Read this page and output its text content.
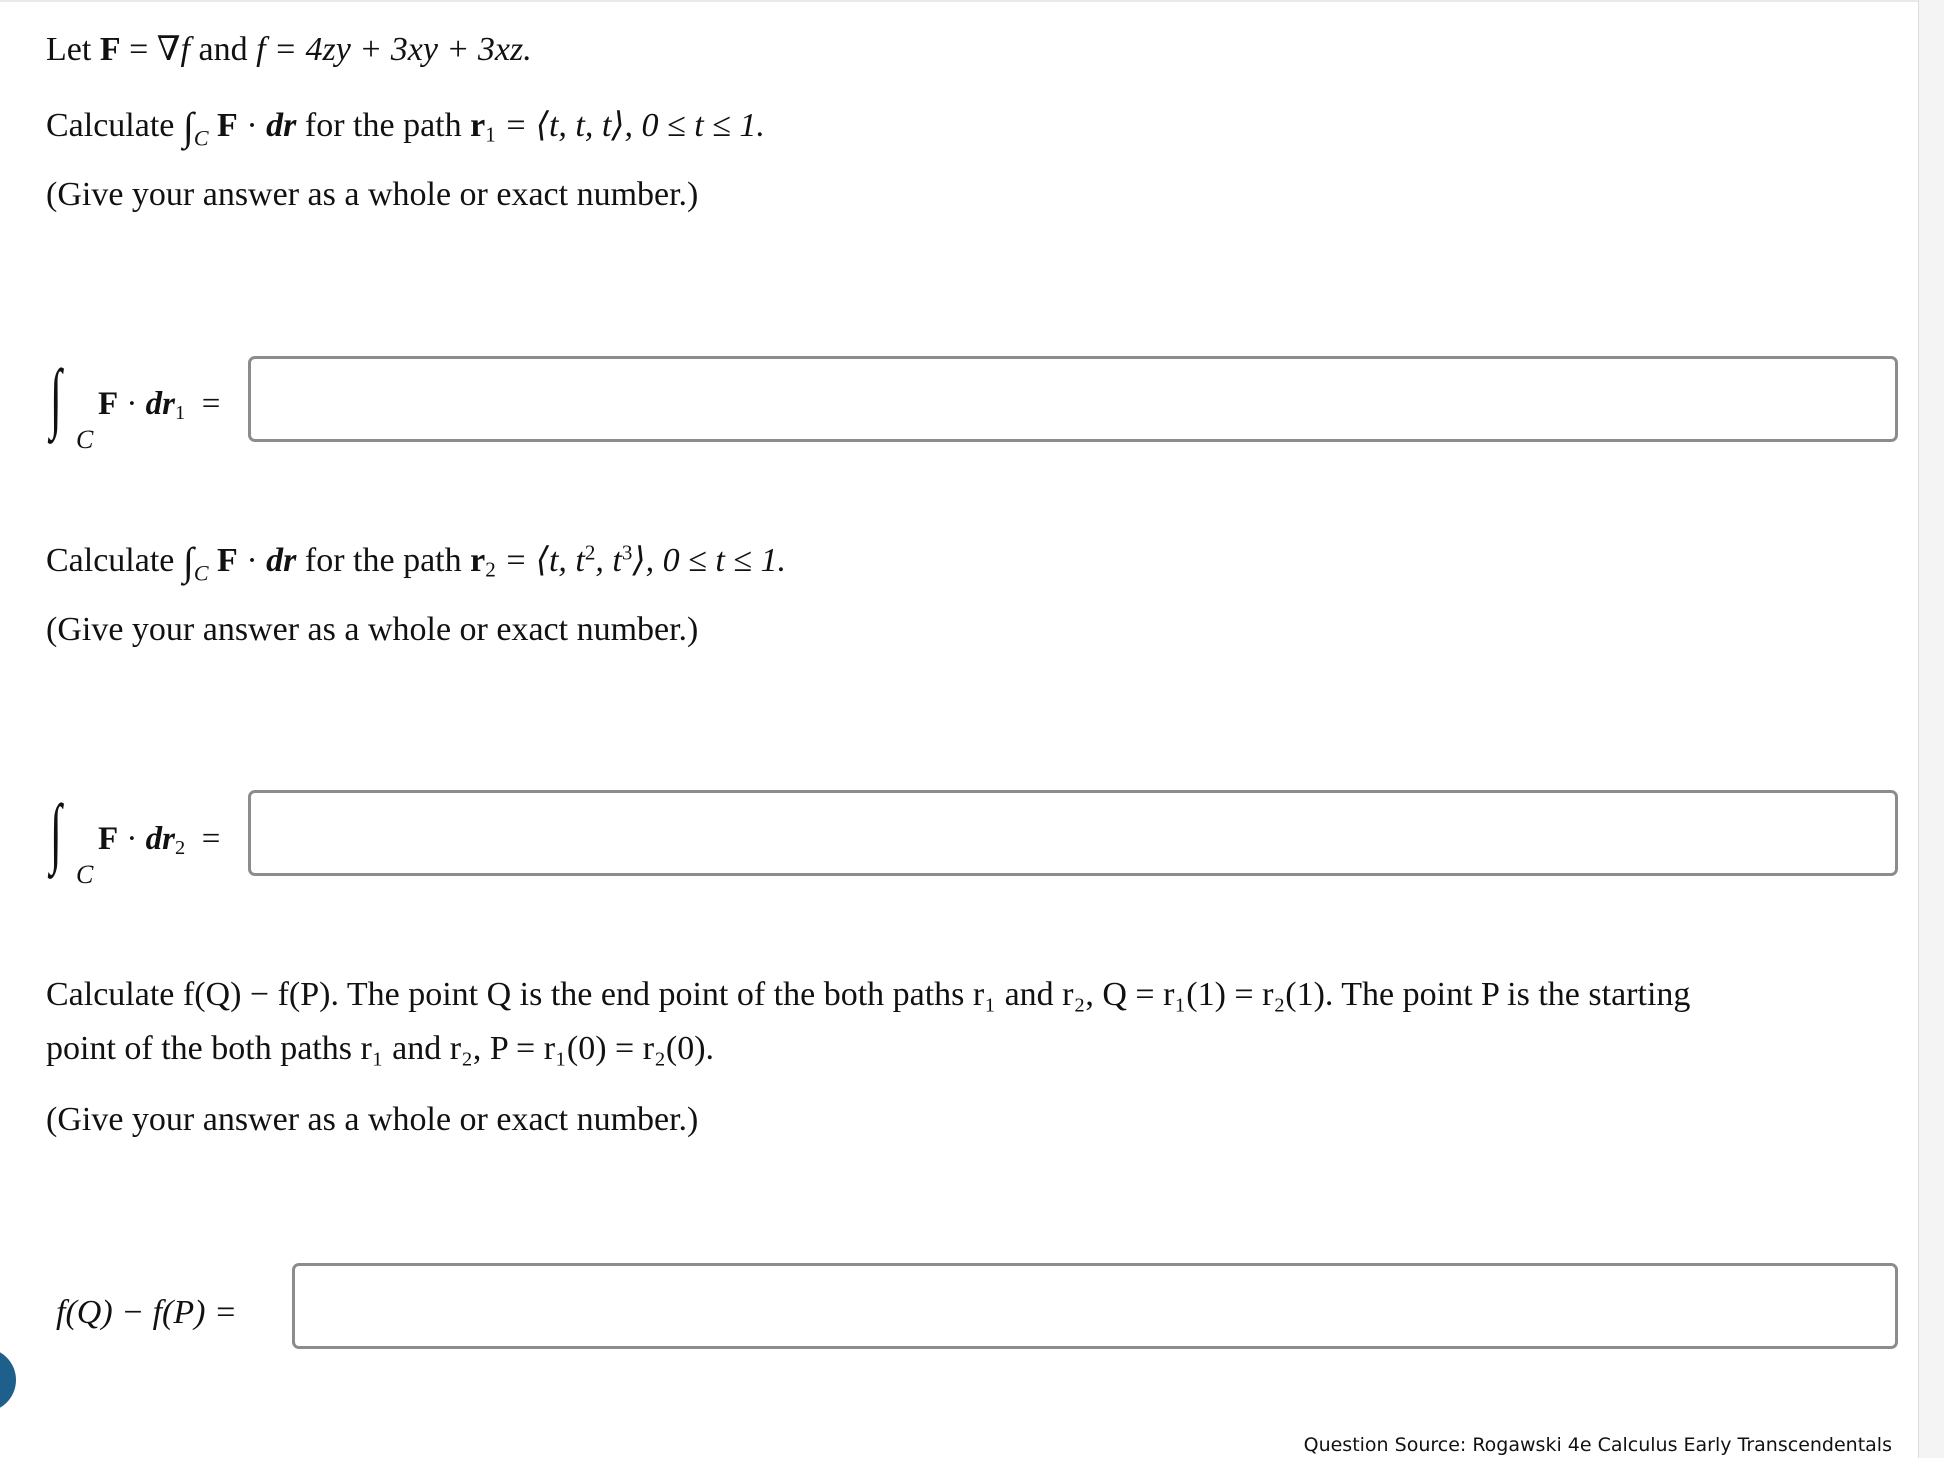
Let F = ∇f and f = 4zy + 3xy + 3xz.
Calculate $\int_C$ F · dr for the path $r_1$ = ⟨t, t, t⟩, 0 ≤ t ≤ 1.
(Give your answer as a whole or exact number.)
∫ C
$F \cdot dr_1$ =
Calculate $\int_C$ F · dr for the path $r_2$ = ⟨t, $t^2$, $t^3⟩$, 0 ≤ t ≤ 1.
(Give your answer as a whole or exact number.)
∫ C
$F \cdot dr_2$ =
Calculate f(Q) − f(P). The point Q is the end point of the both paths r₁ and r₂, Q = r₁(1) = r₂(1). The point P is the starting
point of the both paths r₁ and r₂, P = r₁(0) = r₂(0).
(Give your answer as a whole or exact number.)
f(Q) − f(P) =
Question Source: Rogawski 4e Calculus Early Transcendentals
